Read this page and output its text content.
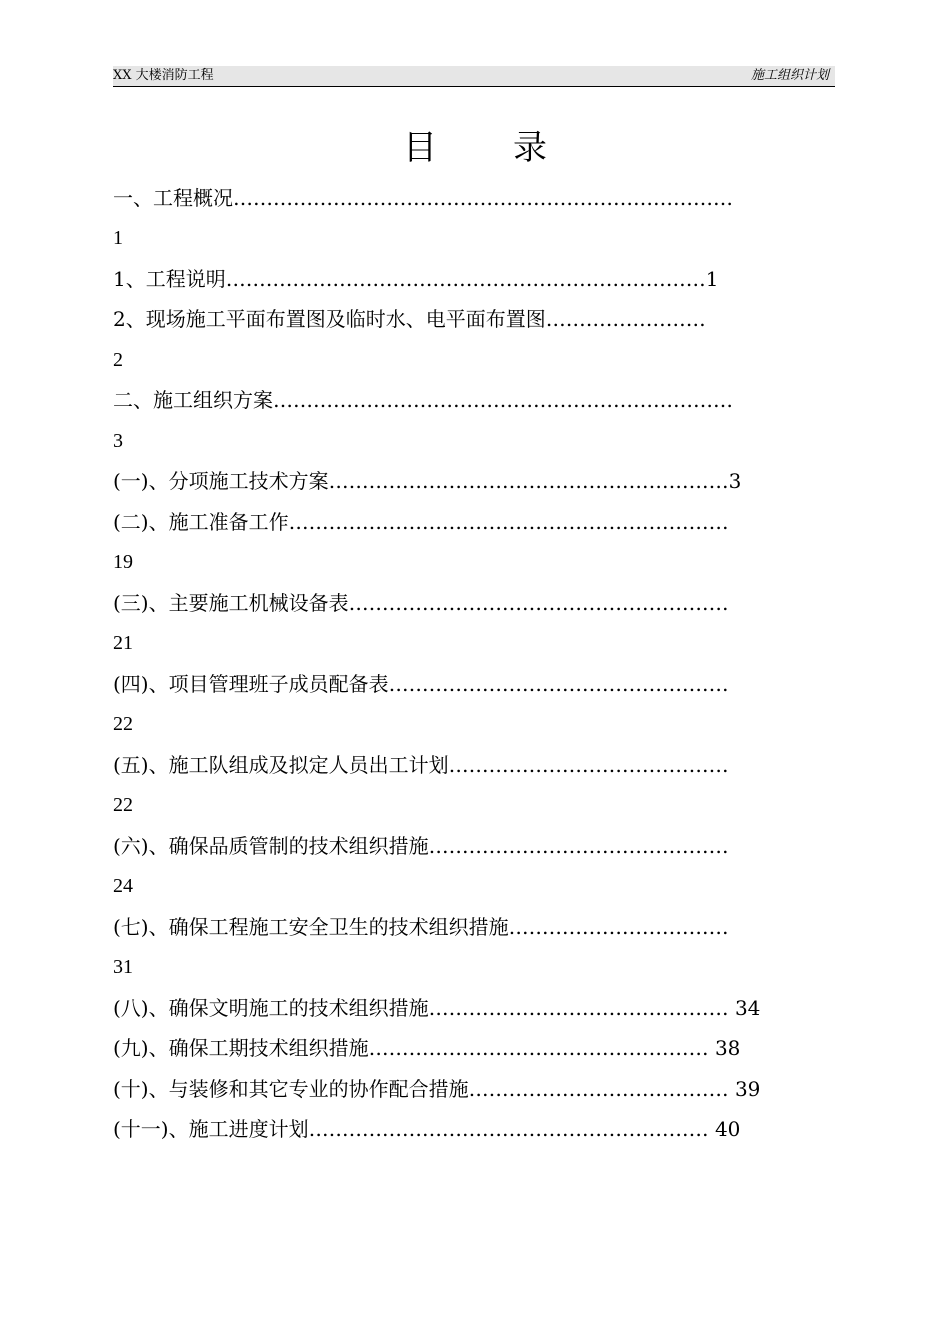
XX 大楼消防工程	施工组织计划
目 录
一、工程概况…………………………………………………………………
1
1、工程说明………………………………………………………………1
2、现场施工平面布置图及临时水、电平面布置图……………………
2
二、施工组织方案……………………………………………………………
3
(一)、分项施工技术方案……………………………………………………3
(二)、施工准备工作…………………………………………………………
19
(三)、主要施工机械设备表…………………………………………………
21
(四)、项目管理班子成员配备表……………………………………………
22
(五)、施工队组成及拟定人员出工计划……………………………………
22
(六)、确保品质管制的技术组织措施………………………………………
24
(七)、确保工程施工安全卫生的技术组织措施……………………………
31
(八)、确保文明施工的技术组织措施……………………………………… 34
(九)、确保工期技术组织措施…………………………………………… 38
(十)、与装修和其它专业的协作配合措施………………………………… 39
(十一)、施工进度计划…………………………………………………… 40
